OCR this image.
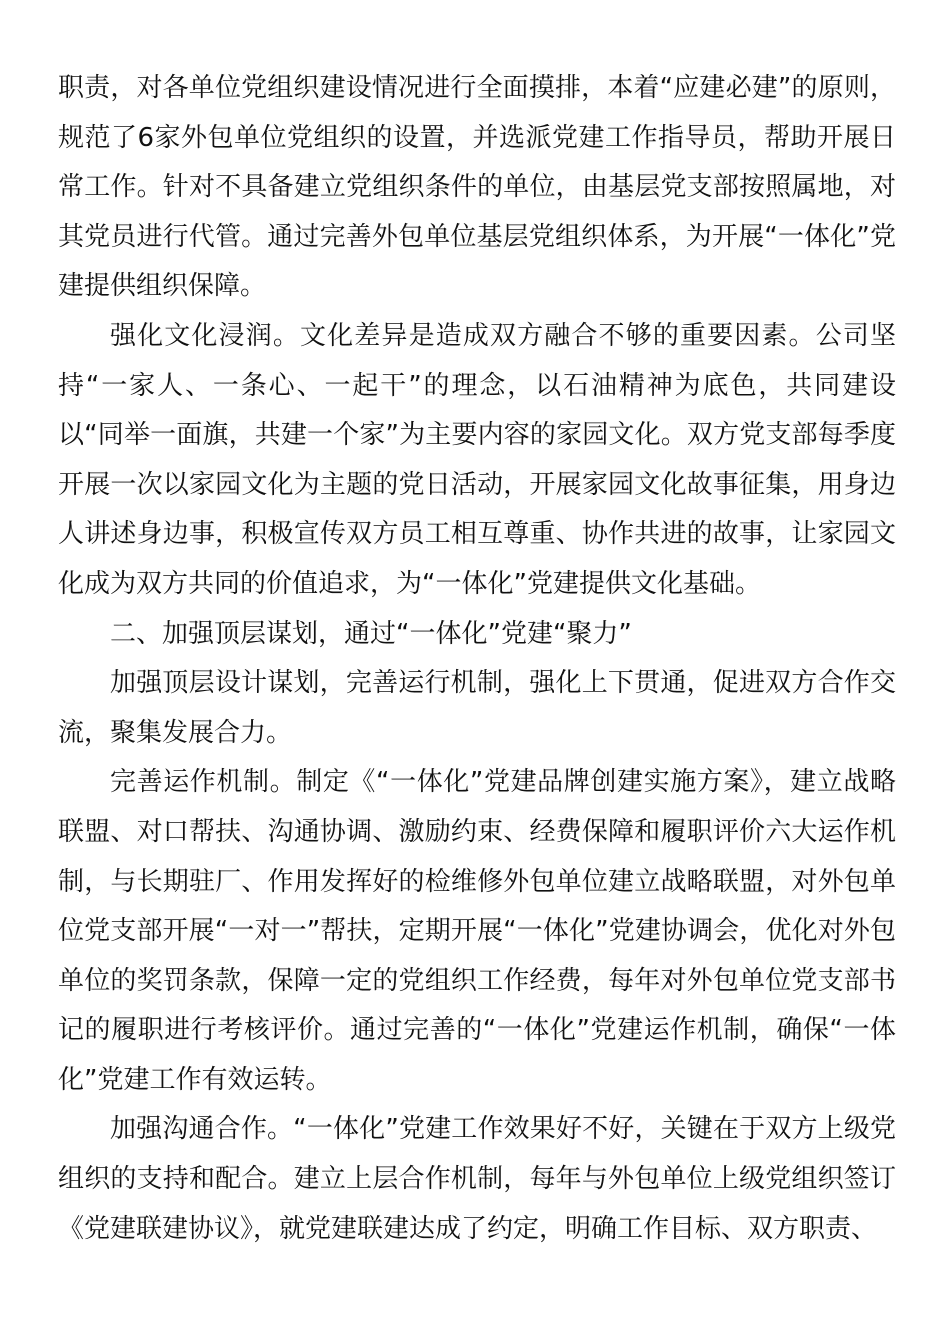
职责，对各单位党组织建设情况进行全面摸排，本着“应建必建”的原则，规范了6家外包单位党组织的设置，并选派党建工作指导员，帮助开展日常工作。针对不具备建立党组织条件的单位，由基层党支部按照属地，对其党员进行代管。通过完善外包单位基层党组织体系，为开展“一体化”党建提供组织保障。

强化文化浸润。文化差异是造成双方融合不够的重要因素。公司坚持“一家人、一条心、一起干”的理念，以石油精神为底色，共同建设以“同举一面旗，共建一个家”为主要内容的家园文化。双方党支部每季度开展一次以家园文化为主题的党日活动，开展家园文化故事征集，用身边人讲述身边事，积极宣传双方员工相互尊重、协作共进的故事，让家园文化成为双方共同的价值追求，为“一体化”党建提供文化基础。

二、加强顶层谋划，通过“一体化”党建“聚力”

加强顶层设计谋划，完善运行机制，强化上下贯通，促进双方合作交流，聚集发展合力。

完善运作机制。制定《“一体化”党建品牌创建实施方案》，建立战略联盟、对口帮扶、沟通协调、激励约束、经费保障和履职评价六大运作机制，与长期驻厂、作用发挥好的检维修外包单位建立战略联盟，对外包单位党支部开展“一对一”帮扶，定期开展“一体化”党建协调会，优化对外包单位的奖罚条款，保障一定的党组织工作经费，每年对外包单位党支部书记的履职进行考核评价。通过完善的“一体化”党建运作机制，确保“一体化”党建工作有效运转。

加强沟通合作。“一体化”党建工作效果好不好，关键在于双方上级党组织的支持和配合。建立上层合作机制，每年与外包单位上级党组织签订《党建联建协议》，就党建联建达成了约定，明确工作目标、双方职责、
